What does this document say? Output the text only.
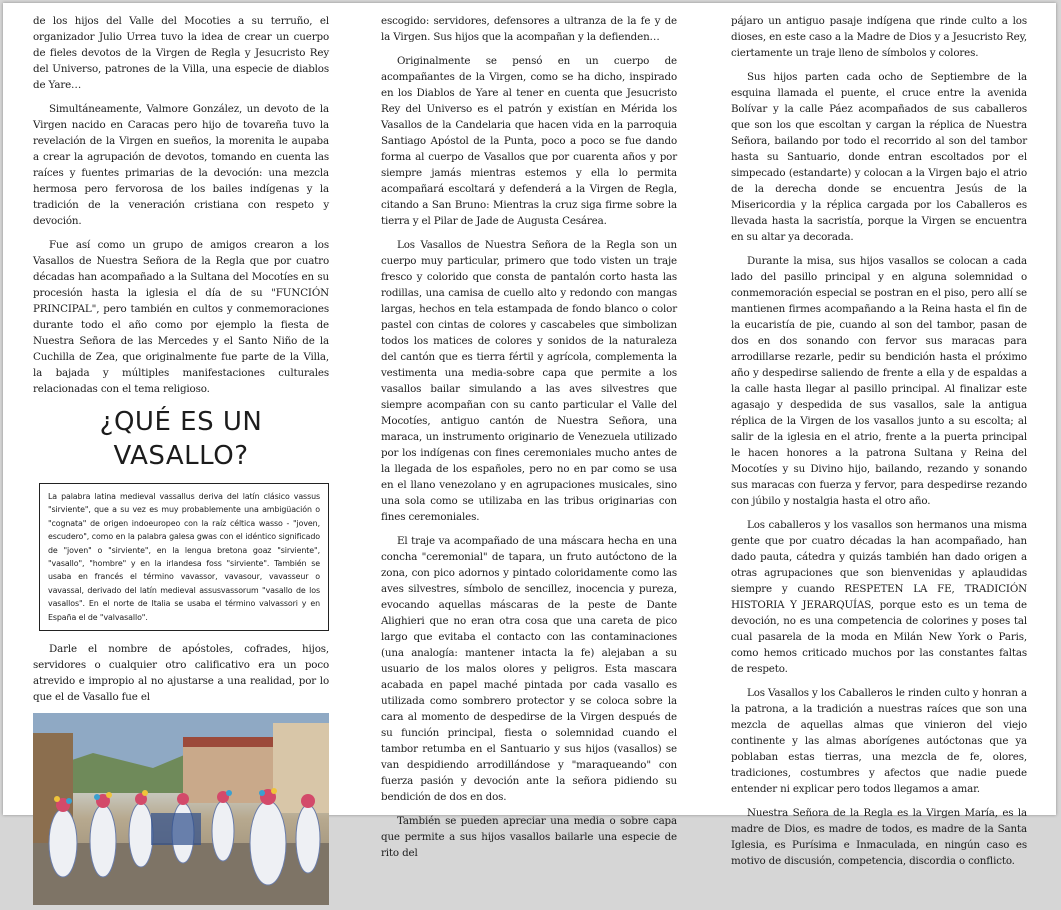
de los hijos del Valle del Mocoties a su terruño, el organizador Julio Urrea tuvo la idea de crear un cuerpo de fieles devotos de la Virgen de Regla y Jesucristo Rey del Universo, patrones de la Villa, una especie de diablos de Yare…

Simultáneamente, Valmore González, un devoto de la Virgen nacido en Caracas pero hijo de tovareña tuvo la revelación de la Virgen en sueños, la morenita le aupaba a crear la agrupación de devotos, tomando en cuenta las raíces y fuentes primarias de la devoción: una mezcla hermosa pero fervorosa de los bailes indígenas y la tradición de la veneración cristiana con respeto y devoción.

Fue así como un grupo de amigos crearon a los Vasallos de Nuestra Señora de la Regla que por cuatro décadas han acompañado a la Sultana del Mocotíes en su procesión hasta la iglesia el día de su "FUNCIÓN PRINCIPAL", pero también en cultos y conmemoraciones durante todo el año como por ejemplo la fiesta de Nuestra Señora de las Mercedes y el Santo Niño de la Cuchilla de Zea, que originalmente fue parte de la Villa, la bajada y múltiples manifestaciones culturales relacionadas con el tema religioso.

¿QUÉ ES UN VASALLO?
La palabra latina medieval vassallus deriva del latín clásico vassus "sirviente", que a su vez es muy probablemente una ambigüación o "cognata" de origen indoeuropeo con la raíz céltica wasso - "joven, escudero", como en la palabra galesa gwas con el idéntico significado de "joven" o "sirviente", en la lengua bretona goaz "sirviente", "vasallo", "hombre" y en la irlandesa foss "sirviente". También se usaba en francés el término vavassor, vavasour, vavasseur o vavassal, derivado del latín medieval assusvassorum "vasallo de los vasallos". En el norte de Italia se usaba el término valvassori y en España el de "valvasallo".

Darle el nombre de apóstoles, cofrades, hijos, servidores o cualquier otro calificativo era un poco atrevido e impropio al no ajustarse a una realidad, por lo que el de Vasallo fue el

escogido: servidores, defensores a ultranza de la fe y de la Virgen. Sus hijos que la acompañan y la defienden…

Originalmente se pensó en un cuerpo de acompañantes de la Virgen, como se ha dicho, inspirado en los Diablos de Yare al tener en cuenta que Jesucristo Rey del Universo es el patrón y existían en Mérida los Vasallos de la Candelaria que hacen vida en la parroquia Santiago Apóstol de la Punta, poco a poco se fue dando forma al cuerpo de Vasallos que por cuarenta años y por siempre jamás mientras estemos y ella lo permita acompañará escoltará y defenderá a la Virgen de Regla, citando a San Bruno: Mientras la cruz siga firme sobre la tierra y el Pilar de Jade de Augusta Cesárea.

Los Vasallos de Nuestra Señora de la Regla son un cuerpo muy particular, primero que todo visten un traje fresco y colorido que consta de pantalón corto hasta las rodillas, una camisa de cuello alto y redondo con mangas largas, hechos en tela estampada de fondo blanco o color pastel con cintas de colores y cascabeles que simbolizan todos los matices de colores y sonidos de la naturaleza del cantón que es tierra fértil y agrícola, complementa la vestimenta una media-sobre capa que permite a los vasallos bailar simulando a las aves silvestres que siempre acompañan con su canto particular el Valle del Mocotíes, antiguo cantón de Nuestra Señora, una maraca, un instrumento originario de Venezuela utilizado por los indígenas con fines ceremoniales mucho antes de la llegada de los españoles, pero no en par como se usa en el llano venezolano y en agrupaciones musicales, sino una sola como se utilizaba en las tribus originarias con fines ceremoniales.

El traje va acompañado de una máscara hecha en una concha "ceremonial" de tapara, un fruto autóctono de la zona, con pico adornos y pintado coloridamente como las aves silvestres, símbolo de sencillez, inocencia y pureza, evocando aquellas máscaras de la peste de Dante Alighieri que no eran otra cosa que una careta de pico largo que evitaba el contacto con las contaminaciones (una analogía: mantener intacta la fe) alejaban a su usuario de los malos olores y peligros. Esta mascara acabada en papel maché pintada por cada vasallo es utilizada como sombrero protector y se coloca sobre la cara al momento de despedirse de la Virgen después de su función principal, fiesta o solemnidad cuando el tambor retumba en el Santuario y sus hijos (vasallos) se van despidiendo arrodillándose y "maraqueando" con fuerza pasión y devoción ante la señora pidiendo su bendición de dos en dos.

También se pueden apreciar una media o sobre capa que permite a sus hijos vasallos bailarle una especie de rito del

pájaro un antiguo pasaje indígena que rinde culto a los dioses, en este caso a la Madre de Dios y a Jesucristo Rey, ciertamente un traje lleno de símbolos y colores.

Sus hijos parten cada ocho de Septiembre de la esquina llamada el puente, el cruce entre la avenida Bolívar y la calle Páez acompañados de sus caballeros que son los que escoltan y cargan la réplica de Nuestra Señora, bailando por todo el recorrido al son del tambor hasta su Santuario, donde entran escoltados por el simpecado (estandarte) y colocan a la Virgen bajo el atrio de la derecha donde se encuentra Jesús de la Misericordia y la réplica cargada por los Caballeros es llevada hasta la sacristía, porque la Virgen se encuentra en su altar ya decorada.

Durante la misa, sus hijos vasallos se colocan a cada lado del pasillo principal y en alguna solemnidad o conmemoración especial se postran en el piso, pero allí se mantienen firmes acompañando a la Reina hasta el fin de la eucaristía de pie, cuando al son del tambor, pasan de dos en dos sonando con fervor sus maracas para arrodillarse rezarle, pedir su bendición hasta el próximo año y despedirse saliendo de frente a ella y de espaldas a la calle hasta llegar al pasillo principal. Al finalizar este agasajo y despedida de sus vasallos, sale la antigua réplica de la Virgen de los vasallos junto a su escolta; al salir de la iglesia en el atrio, frente a la puerta principal le hacen honores a la patrona Sultana y Reina del Mocotíes y su Divino hijo, bailando, rezando y sonando sus maracas con fuerza y fervor, para despedirse rezando con júbilo y nostalgia hasta el otro año.

Los caballeros y los vasallos son hermanos una misma gente que por cuatro décadas la han acompañado, han dado pauta, cátedra y quizás también han dado origen a otras agrupaciones que son bienvenidas y aplaudidas siempre y cuando RESPETEN LA FE, TRADICIÓN HISTORIA Y JERARQUÍAS, porque esto es un tema de devoción, no es una competencia de colorines y poses tal cual pasarela de la moda en Milán New York o Paris, como hemos criticado muchos por las constantes faltas de respeto.

Los Vasallos y los Caballeros le rinden culto y honran a la patrona, a la tradición a nuestras raíces que son una mezcla de aquellas almas que vinieron del viejo continente y las almas aborígenes autóctonas que ya poblaban estas tierras, una mezcla de fe, olores, tradiciones, costumbres y afectos que nadie puede entender ni explicar pero todos llegamos a amar.

Nuestra Señora de la Regla es la Virgen María, es la madre de Dios, es madre de todos, es madre de la Santa Iglesia, es Purísima e Inmaculada, en ningún caso es motivo de discusión, competencia, discordia o conflicto.
